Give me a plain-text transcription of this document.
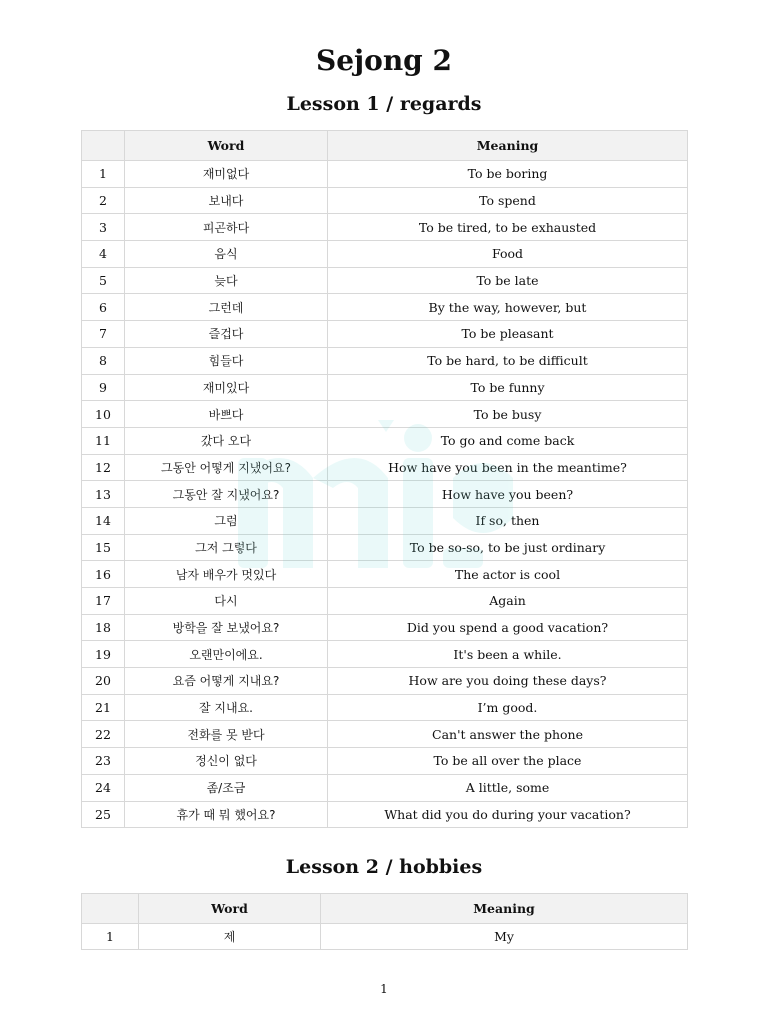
Sejong 2
Lesson 1 / regards
	Word	Meaning
1	재미없다	To be boring
2	보내다	To spend
3	피곤하다	To be tired, to be exhausted
4	음식	Food
5	늦다	To be late
6	그런데	By the way, however, but
7	즐겁다	To be pleasant
8	힘들다	To be hard, to be difficult
9	재미있다	To be funny
10	바쁘다	To be busy
11	갔다 오다	To go and come back
12	그동안 어떻게 지냈어요?	How have you been in the meantime?
13	그동안 잘 지냈어요?	How have you been?
14	그럼	If so, then
15	그저 그렇다	To be so-so, to be just ordinary
16	남자 배우가 멋있다	The actor is cool
17	다시	Again
18	방학을 잘 보냈어요?	Did you spend a good vacation?
19	오랜만이에요.	It's been a while.
20	요즘 어떻게 지내요?	How are you doing these days?
21	잘 지내요.	I’m good.
22	전화를 못 받다	Can't answer the phone
23	정신이 없다	To be all over the place
24	좀/조금	A little, some
25	휴가 때 뭐 했어요?	What did you do during your vacation?
Lesson 2 / hobbies
	Word	Meaning
1	제	My
1
